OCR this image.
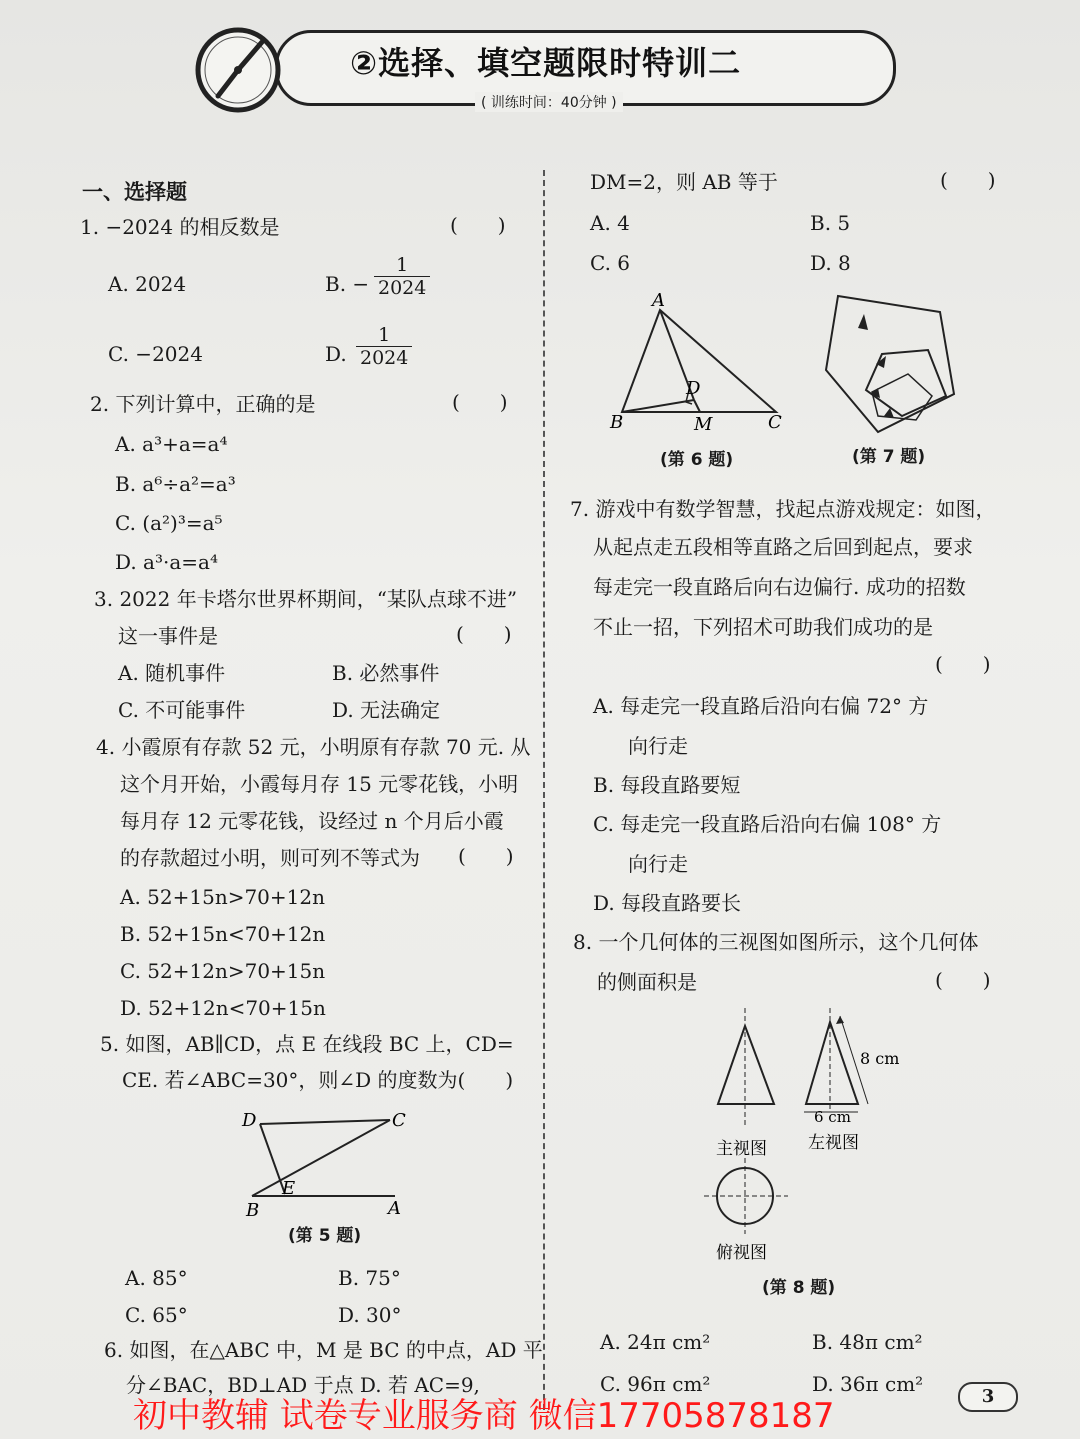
②选择、填空题限时特训二
( 训练时间：40分钟 )
一、选择题
1. −2024 的相反数是	(　　)
A. 2024	B. − $\frac{1}{2024}$
C. −2024	D. $\frac{1}{2024}$
2. 下列计算中，正确的是	(　　)
A. a³+a=a⁴
B. a⁶÷a²=a³
C. (a²)³=a⁵
D. a³·a=a⁴
3. 2022 年卡塔尔世界杯期间，“某队点球不进”
这一事件是	(　　)
A. 随机事件	B. 必然事件
C. 不可能事件	D. 无法确定
4. 小霞原有存款 52 元，小明原有存款 70 元. 从
这个月开始，小霞每月存 15 元零花钱，小明
每月存 12 元零花钱，设经过 n 个月后小霞
的存款超过小明，则可列不等式为 (　　)
A. 52+15n>70+12n
B. 52+15n<70+12n
C. 52+12n>70+15n
D. 52+12n<70+15n
5. 如图，AB∥CD，点 E 在线段 BC 上，CD=
CE. 若∠ABC=30°，则∠D 的度数为(　　)
D	C
E
B	A
(第 5 题)
A. 85°	B. 75°
C. 65°	D. 30°
6. 如图，在△ABC 中，M 是 BC 的中点，AD 平
分∠BAC，BD⊥AD 于点 D. 若 AC=9,
DM=2，则 AB 等于	(　　)
A. 4	B. 5
C. 6	D. 8
A
B	C
D
M
(第 6 题)	(第 7 题)
7. 游戏中有数学智慧，找起点游戏规定：如图，
从起点走五段相等直路之后回到起点，要求
每走完一段直路后向右边偏行. 成功的招数
不止一招，下列招术可助我们成功的是
(　　)
A. 每走完一段直路后沿向右偏 72° 方
向行走
B. 每段直路要短
C. 每走完一段直路后沿向右偏 108° 方
向行走
D. 每段直路要长
8. 一个几何体的三视图如图所示，这个几何体
的侧面积是	(　　)
主视图
8 cm
6 cm
左视图
俯视图
(第 8 题)
A. 24π cm²	B. 48π cm²
C. 96π cm²	D. 36π cm²
初中教辅 试卷专业服务商 微信17705878187	3
